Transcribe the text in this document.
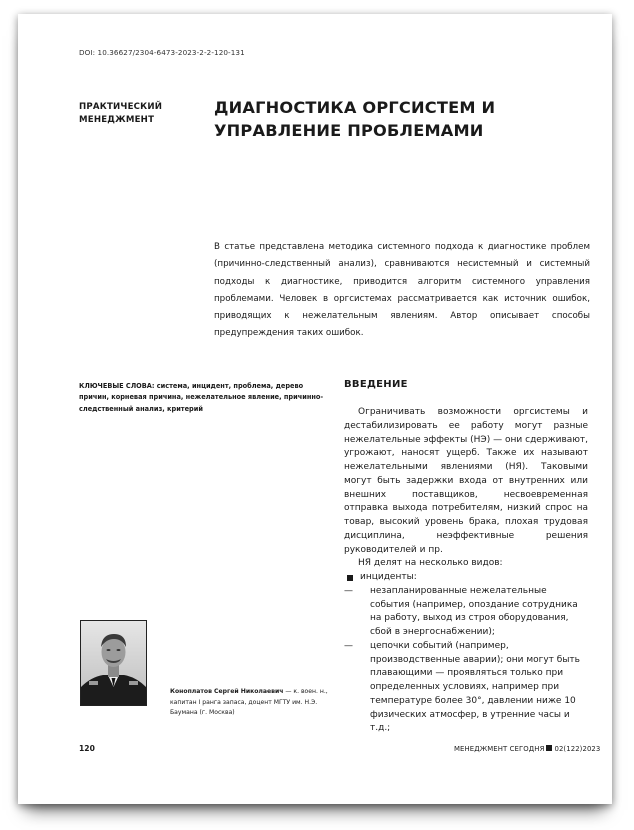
DOI: 10.36627/2304-6473-2023-2-2-120-131
ПРАКТИЧЕСКИЙ МЕНЕДЖМЕНТ
ДИАГНОСТИКА ОРГСИСТЕМ И УПРАВЛЕНИЕ ПРОБЛЕМАМИ
В статье представлена методика системного подхода к диагностике проблем (причинно-следственный анализ), сравниваются несистемный и системный подходы к диагностике, приводится алгоритм системного управления проблемами. Человек в оргсистемах рассматривается как источник ошибок, приводящих к нежелательным явлениям. Автор описывает способы предупреждения таких ошибок.
КЛЮЧЕВЫЕ СЛОВА: система, инцидент, проблема, дерево причин, корневая причина, нежелательное явление, причинно-следственный анализ, критерий
ВВЕДЕНИЕ

Ограничивать возможности оргсистемы и дестабилизировать ее работу могут разные нежелательные эффекты (НЭ) — они сдерживают, угрожают, наносят ущерб. Также их называют нежелательными явлениями (НЯ). Таковыми могут быть задержки входа от внутренних или внешних поставщиков, несвоевременная отправка выхода потребителям, низкий спрос на товар, высокий уровень брака, плохая трудовая дисциплина, неэффективные решения руководителей и пр.

НЯ делят на несколько видов:
инциденты:
—	незапланированные нежелательные события (например, опоздание сотрудника на работу, выход из строя оборудования, сбой в энергоснабжении);
—	цепочки событий (например, производственные аварии); они могут быть плавающими — проявляться только при определенных условиях, например при температуре более 30°, давлении ниже 10 физических атмосфер, в утренние часы и т.д.;
Коноплатов Сергей Николаевич — к. воен. н., капитан I ранга запаса, доцент МГТУ им. Н.Э. Баумана (г. Москва)
120	МЕНЕДЖМЕНТ СЕГОДНЯ 02(122)2023
